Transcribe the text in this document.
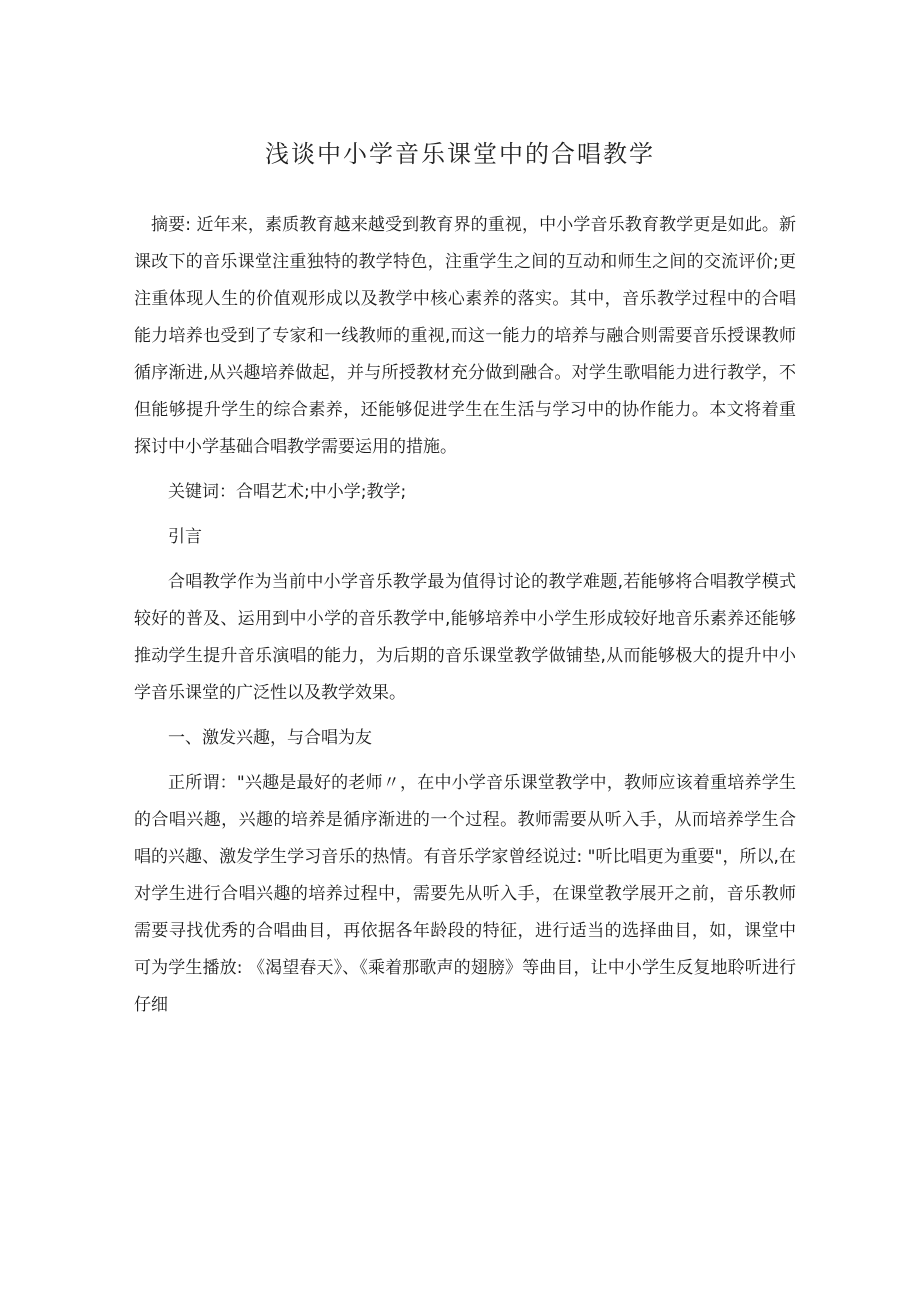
浅谈中小学音乐课堂中的合唱教学

摘要: 近年来，素质教育越来越受到教育界的重视，中小学音乐教育教学更是如此。新课改下的音乐课堂注重独特的教学特色，注重学生之间的互动和师生之间的交流评价;更注重体现人生的价值观形成以及教学中核心素养的落实。其中，音乐教学过程中的合唱能力培养也受到了专家和一线教师的重视,而这一能力的培养与融合则需要音乐授课教师循序渐进,从兴趣培养做起，并与所授教材充分做到融合。对学生歌唱能力进行教学，不但能够提升学生的综合素养，还能够促进学生在生活与学习中的协作能力。本文将着重探讨中小学基础合唱教学需要运用的措施。

关键词：合唱艺术;中小学;教学;

引言

合唱教学作为当前中小学音乐教学最为值得讨论的教学难题,若能够将合唱教学模式较好的普及、运用到中小学的音乐教学中,能够培养中小学生形成较好地音乐素养还能够推动学生提升音乐演唱的能力，为后期的音乐课堂教学做铺垫,从而能够极大的提升中小学音乐课堂的广泛性以及教学效果。

一、激发兴趣，与合唱为友

正所谓："兴趣是最好的老师〃，在中小学音乐课堂教学中，教师应该着重培养学生的合唱兴趣，兴趣的培养是循序渐进的一个过程。教师需要从听入手，从而培养学生合唱的兴趣、激发学生学习音乐的热情。有音乐学家曾经说过: "听比唱更为重要"，所以,在对学生进行合唱兴趣的培养过程中，需要先从听入手，在课堂教学展开之前，音乐教师需要寻找优秀的合唱曲目，再依据各年龄段的特征，进行适当的选择曲目，如，课堂中可为学生播放: 《渴望春天》、《乘着那歌声的翅膀》等曲目，让中小学生反复地聆听进行仔细
